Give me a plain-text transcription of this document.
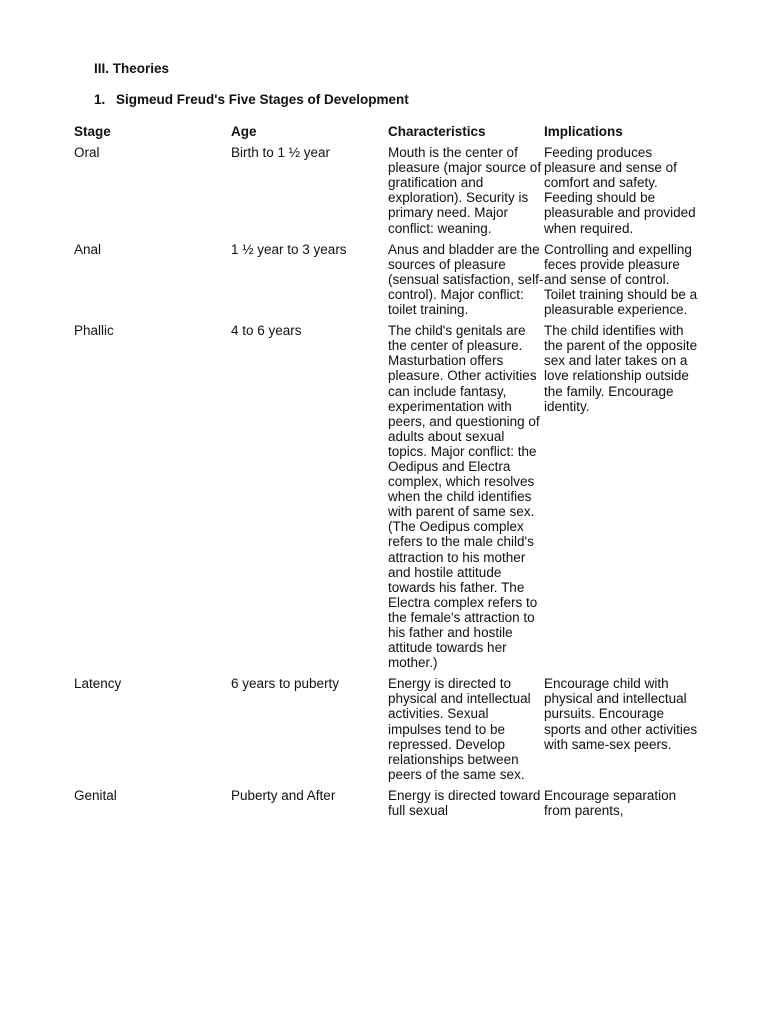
III. Theories
1. Sigmeud Freud's Five Stages of Development
Stage	Age	Characteristics	Implications
Oral	Birth to 1 ½ year	Mouth is the center of pleasure (major source of gratification and exploration). Security is primary need. Major conflict: weaning.	Feeding produces pleasure and sense of comfort and safety. Feeding should be pleasurable and provided when required.
Anal	1 ½ year to 3 years	Anus and bladder are the sources of pleasure (sensual satisfaction, self-control). Major conflict: toilet training.	Controlling and expelling feces provide pleasure and sense of control. Toilet training should be a pleasurable experience.
Phallic	4 to 6 years	The child's genitals are the center of pleasure. Masturbation offers pleasure. Other activities can include fantasy, experimentation with peers, and questioning of adults about sexual topics. Major conflict: the Oedipus and Electra complex, which resolves when the child identifies with parent of same sex. (The Oedipus complex refers to the male child's attraction to his mother and hostile attitude towards his father. The Electra complex refers to the female's attraction to his father and hostile attitude towards her mother.)	The child identifies with the parent of the opposite sex and later takes on a love relationship outside the family. Encourage identity.
Latency	6 years to puberty	Energy is directed to physical and intellectual activities. Sexual impulses tend to be repressed. Develop relationships between peers of the same sex.	Encourage child with physical and intellectual pursuits. Encourage sports and other activities with same-sex peers.
Genital	Puberty and After	Energy is directed toward full sexual	Encourage separation from parents,
